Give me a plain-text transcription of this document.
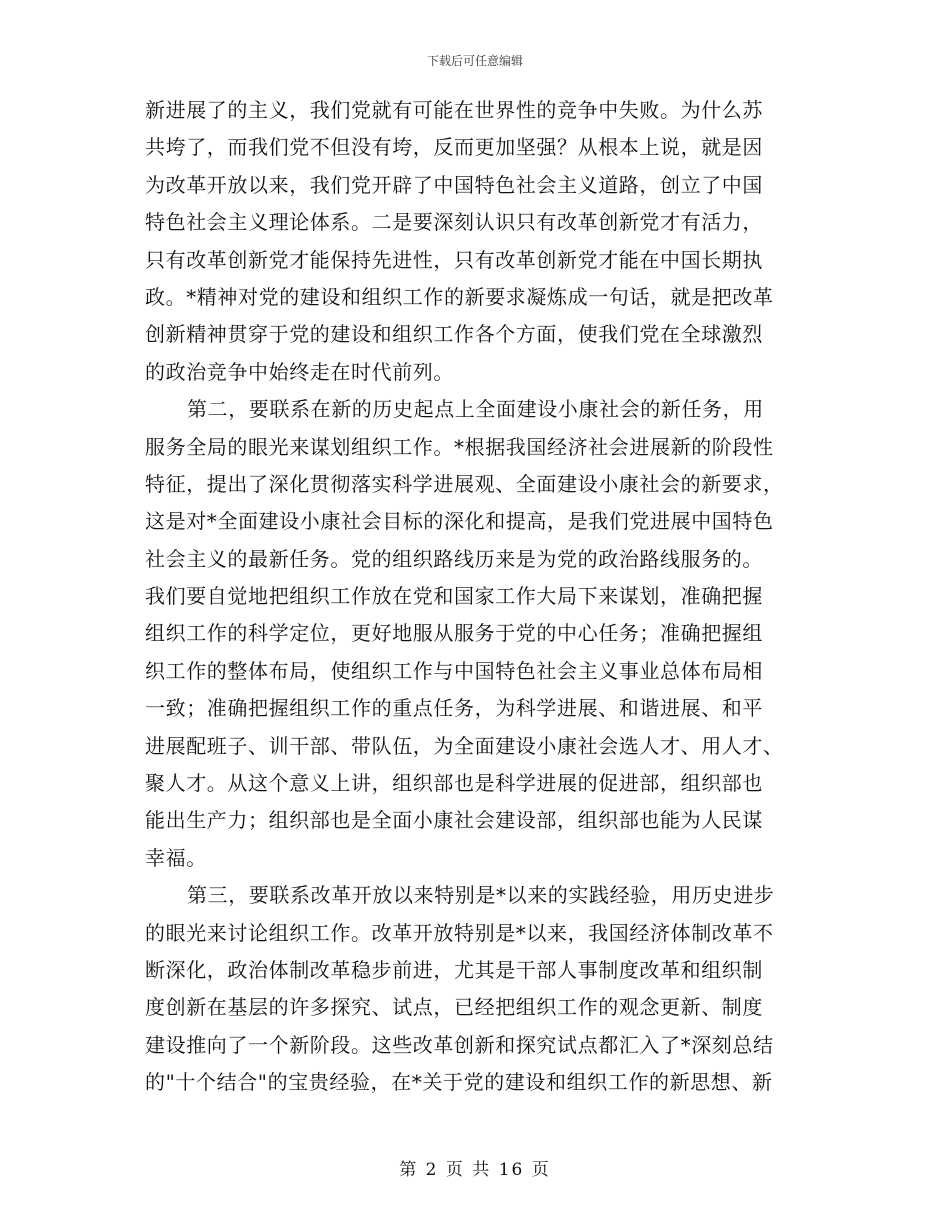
下载后可任意编辑
新进展了的主义，我们党就有可能在世界性的竞争中失败。为什么苏
共垮了，而我们党不但没有垮，反而更加坚强？从根本上说，就是因
为改革开放以来，我们党开辟了中国特色社会主义道路，创立了中国
特色社会主义理论体系。二是要深刻认识只有改革创新党才有活力，
只有改革创新党才能保持先进性，只有改革创新党才能在中国长期执
政。*精神对党的建设和组织工作的新要求凝炼成一句话，就是把改革
创新精神贯穿于党的建设和组织工作各个方面，使我们党在全球激烈
的政治竞争中始终走在时代前列。
第二，要联系在新的历史起点上全面建设小康社会的新任务，用
服务全局的眼光来谋划组织工作。*根据我国经济社会进展新的阶段性
特征，提出了深化贯彻落实科学进展观、全面建设小康社会的新要求，
这是对*全面建设小康社会目标的深化和提高，是我们党进展中国特色
社会主义的最新任务。党的组织路线历来是为党的政治路线服务的。
我们要自觉地把组织工作放在党和国家工作大局下来谋划，准确把握
组织工作的科学定位，更好地服从服务于党的中心任务；准确把握组
织工作的整体布局，使组织工作与中国特色社会主义事业总体布局相
一致；准确把握组织工作的重点任务，为科学进展、和谐进展、和平
进展配班子、训干部、带队伍，为全面建设小康社会选人才、用人才、
聚人才。从这个意义上讲，组织部也是科学进展的促进部，组织部也
能出生产力；组织部也是全面小康社会建设部，组织部也能为人民谋
幸福。
第三，要联系改革开放以来特别是*以来的实践经验，用历史进步
的眼光来讨论组织工作。改革开放特别是*以来，我国经济体制改革不
断深化，政治体制改革稳步前进，尤其是干部人事制度改革和组织制
度创新在基层的许多探究、试点，已经把组织工作的观念更新、制度
建设推向了一个新阶段。这些改革创新和探究试点都汇入了*深刻总结
的"十个结合"的宝贵经验，在*关于党的建设和组织工作的新思想、新
第 2 页 共 16 页
